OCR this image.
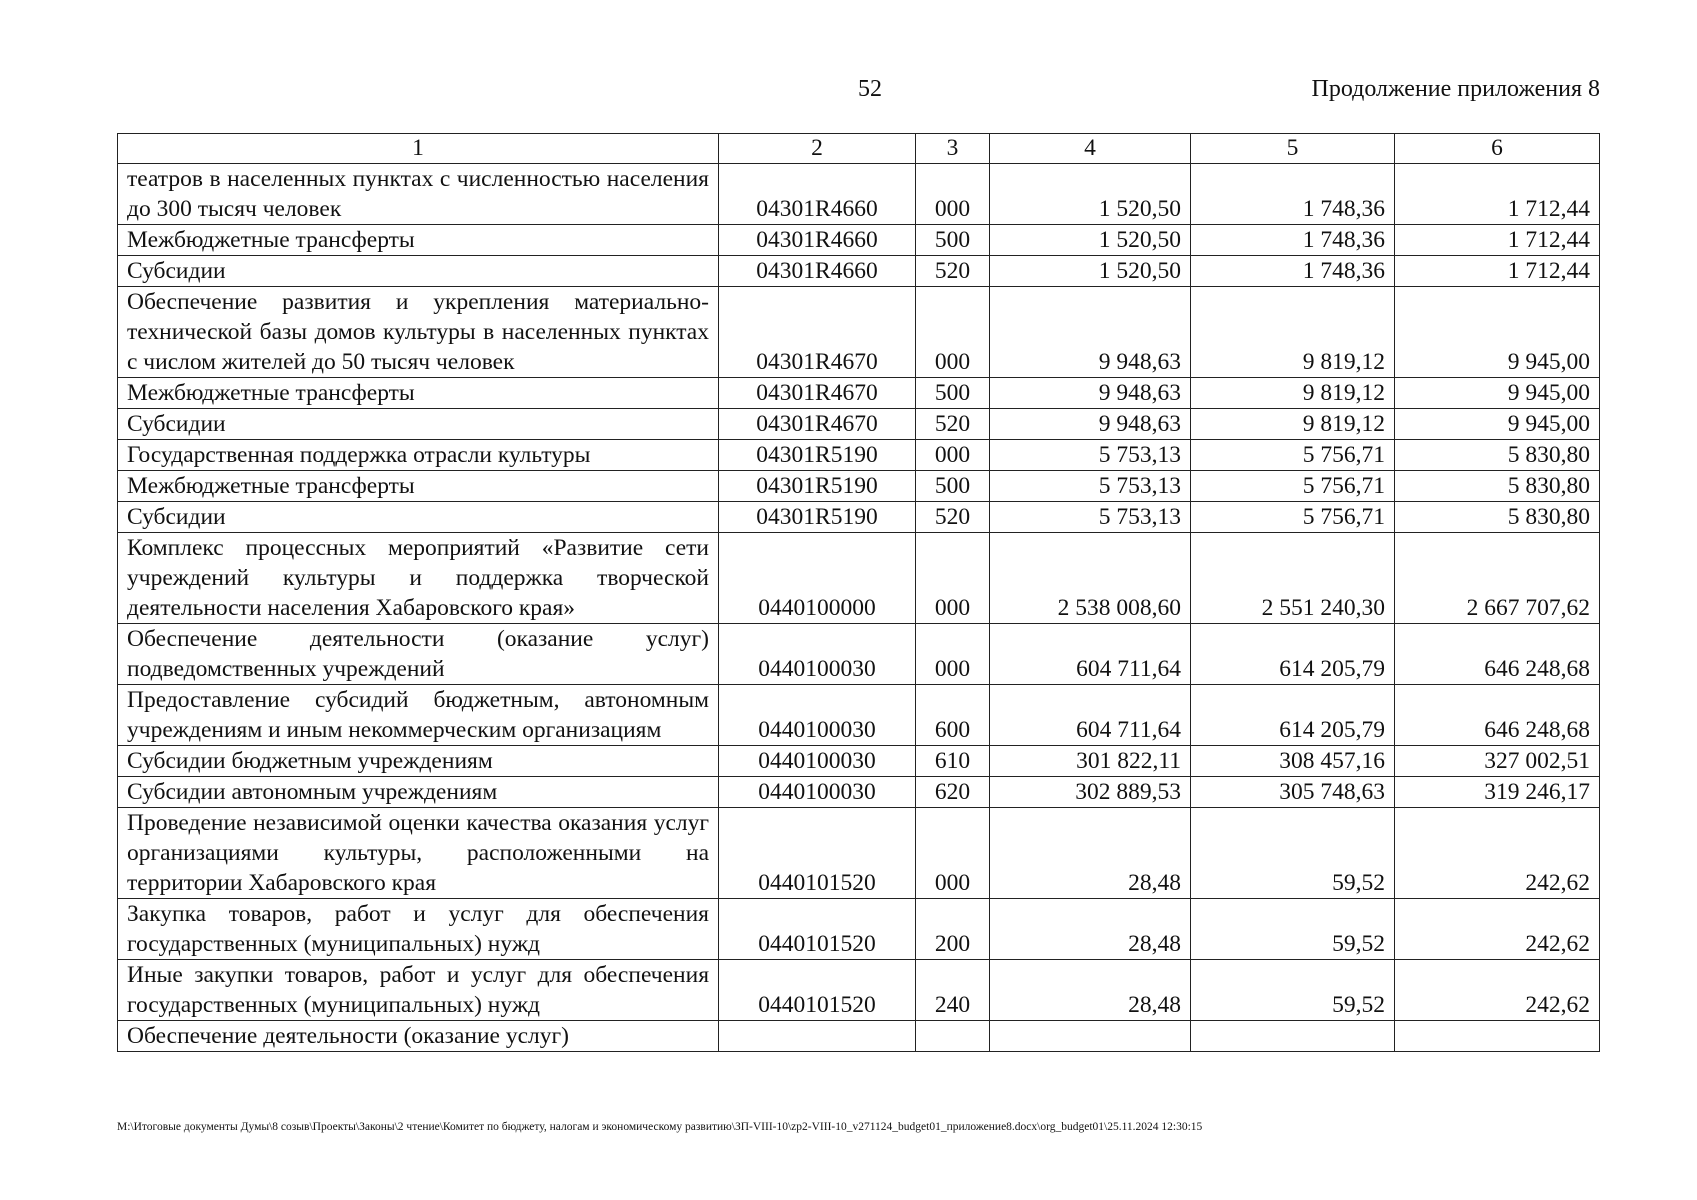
52	Продолжение приложения 8
1	2	3	4	5	6
театров в населенных пунктах с численностью населения до 300 тысяч человек	04301R4660	000	1 520,50	1 748,36	1 712,44
Межбюджетные трансферты	04301R4660	500	1 520,50	1 748,36	1 712,44
Субсидии	04301R4660	520	1 520,50	1 748,36	1 712,44
Обеспечение развития и укрепления материально-технической базы домов культуры в населенных пунктах с числом жителей до 50 тысяч человек	04301R4670	000	9 948,63	9 819,12	9 945,00
Межбюджетные трансферты	04301R4670	500	9 948,63	9 819,12	9 945,00
Субсидии	04301R4670	520	9 948,63	9 819,12	9 945,00
Государственная поддержка отрасли культуры	04301R5190	000	5 753,13	5 756,71	5 830,80
Межбюджетные трансферты	04301R5190	500	5 753,13	5 756,71	5 830,80
Субсидии	04301R5190	520	5 753,13	5 756,71	5 830,80
Комплекс процессных мероприятий «Развитие сети учреждений культуры и поддержка творческой деятельности населения Хабаровского края»	0440100000	000	2 538 008,60	2 551 240,30	2 667 707,62
Обеспечение деятельности (оказание услуг) подведомственных учреждений	0440100030	000	604 711,64	614 205,79	646 248,68
Предоставление субсидий бюджетным, автономным учреждениям и иным некоммерческим организациям	0440100030	600	604 711,64	614 205,79	646 248,68
Субсидии бюджетным учреждениям	0440100030	610	301 822,11	308 457,16	327 002,51
Субсидии автономным учреждениям	0440100030	620	302 889,53	305 748,63	319 246,17
Проведение независимой оценки качества оказания услуг организациями культуры, расположенными на территории Хабаровского края	0440101520	000	28,48	59,52	242,62
Закупка товаров, работ и услуг для обеспечения государственных (муниципальных) нужд	0440101520	200	28,48	59,52	242,62
Иные закупки товаров, работ и услуг для обеспечения государственных (муниципальных) нужд	0440101520	240	28,48	59,52	242,62
Обеспечение деятельности (оказание услуг)					
M:\Итоговые документы Думы\8 созыв\Проекты\Законы\2 чтение\Комитет по бюджету, налогам и экономическому развитию\ЗП-VIII-10\zp2-VIII-10_v271124_budget01_приложение8.docx\org_budget01\25.11.2024 12:30:15
